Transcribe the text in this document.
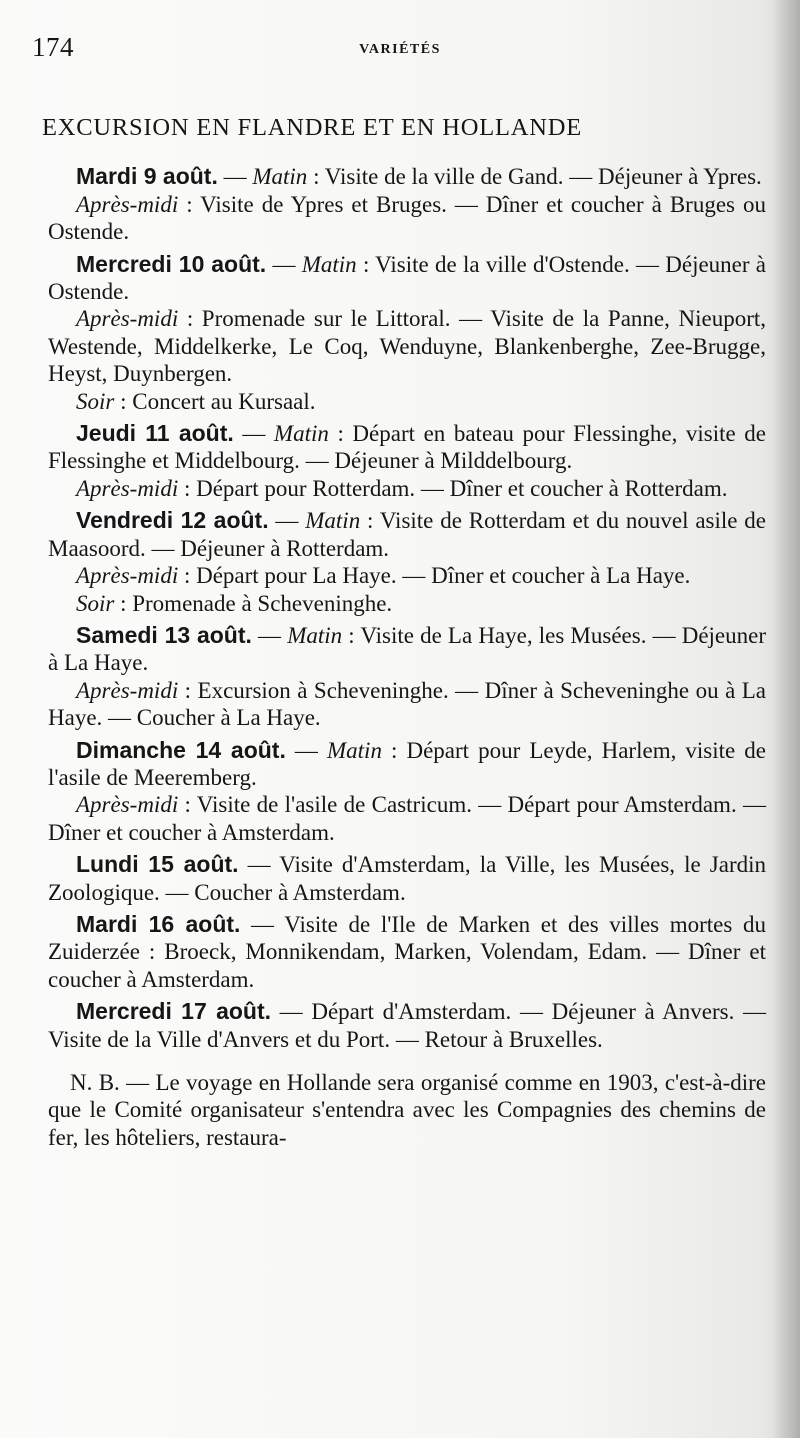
174	VARIÉTÉS
EXCURSION EN FLANDRE ET EN HOLLANDE

Mardi 9 août. — Matin : Visite de la ville de Gand. — Déjeuner à Ypres.

Après-midi : Visite de Ypres et Bruges. — Dîner et coucher à Bruges ou Ostende.

Mercredi 10 août. — Matin : Visite de la ville d'Ostende. — Déjeuner à Ostende.

Après-midi : Promenade sur le Littoral. — Visite de la Panne, Nieuport, Westende, Middelkerke, Le Coq, Wenduyne, Blankenberghe, Zee-Brugge, Heyst, Duynbergen.

Soir : Concert au Kursaal.

Jeudi 11 août. — Matin : Départ en bateau pour Flessinghe, visite de Flessinghe et Middelbourg. — Déjeuner à Milddelbourg.

Après-midi : Départ pour Rotterdam. — Dîner et coucher à Rotterdam.

Vendredi 12 août. — Matin : Visite de Rotterdam et du nouvel asile de Maasoord. — Déjeuner à Rotterdam.

Après-midi : Départ pour La Haye. — Dîner et coucher à La Haye.

Soir : Promenade à Scheveninghe.

Samedi 13 août. — Matin : Visite de La Haye, les Musées. — Déjeuner à La Haye.

Après-midi : Excursion à Scheveninghe. — Dîner à Scheveninghe ou à La Haye. — Coucher à La Haye.

Dimanche 14 août. — Matin : Départ pour Leyde, Harlem, visite de l'asile de Meeremberg.

Après-midi : Visite de l'asile de Castricum. — Départ pour Amsterdam. — Dîner et coucher à Amsterdam.

Lundi 15 août. — Visite d'Amsterdam, la Ville, les Musées, le Jardin Zoologique. — Coucher à Amsterdam.

Mardi 16 août. — Visite de l'Ile de Marken et des villes mortes du Zuiderzée : Broeck, Monnikendam, Marken, Volendam, Edam. — Dîner et coucher à Amsterdam.

Mercredi 17 août. — Départ d'Amsterdam. — Déjeuner à Anvers. — Visite de la Ville d'Anvers et du Port. — Retour à Bruxelles.

N. B. — Le voyage en Hollande sera organisé comme en 1903, c'est-à-dire que le Comité organisateur s'entendra avec les Compagnies des chemins de fer, les hôteliers, restaura-
